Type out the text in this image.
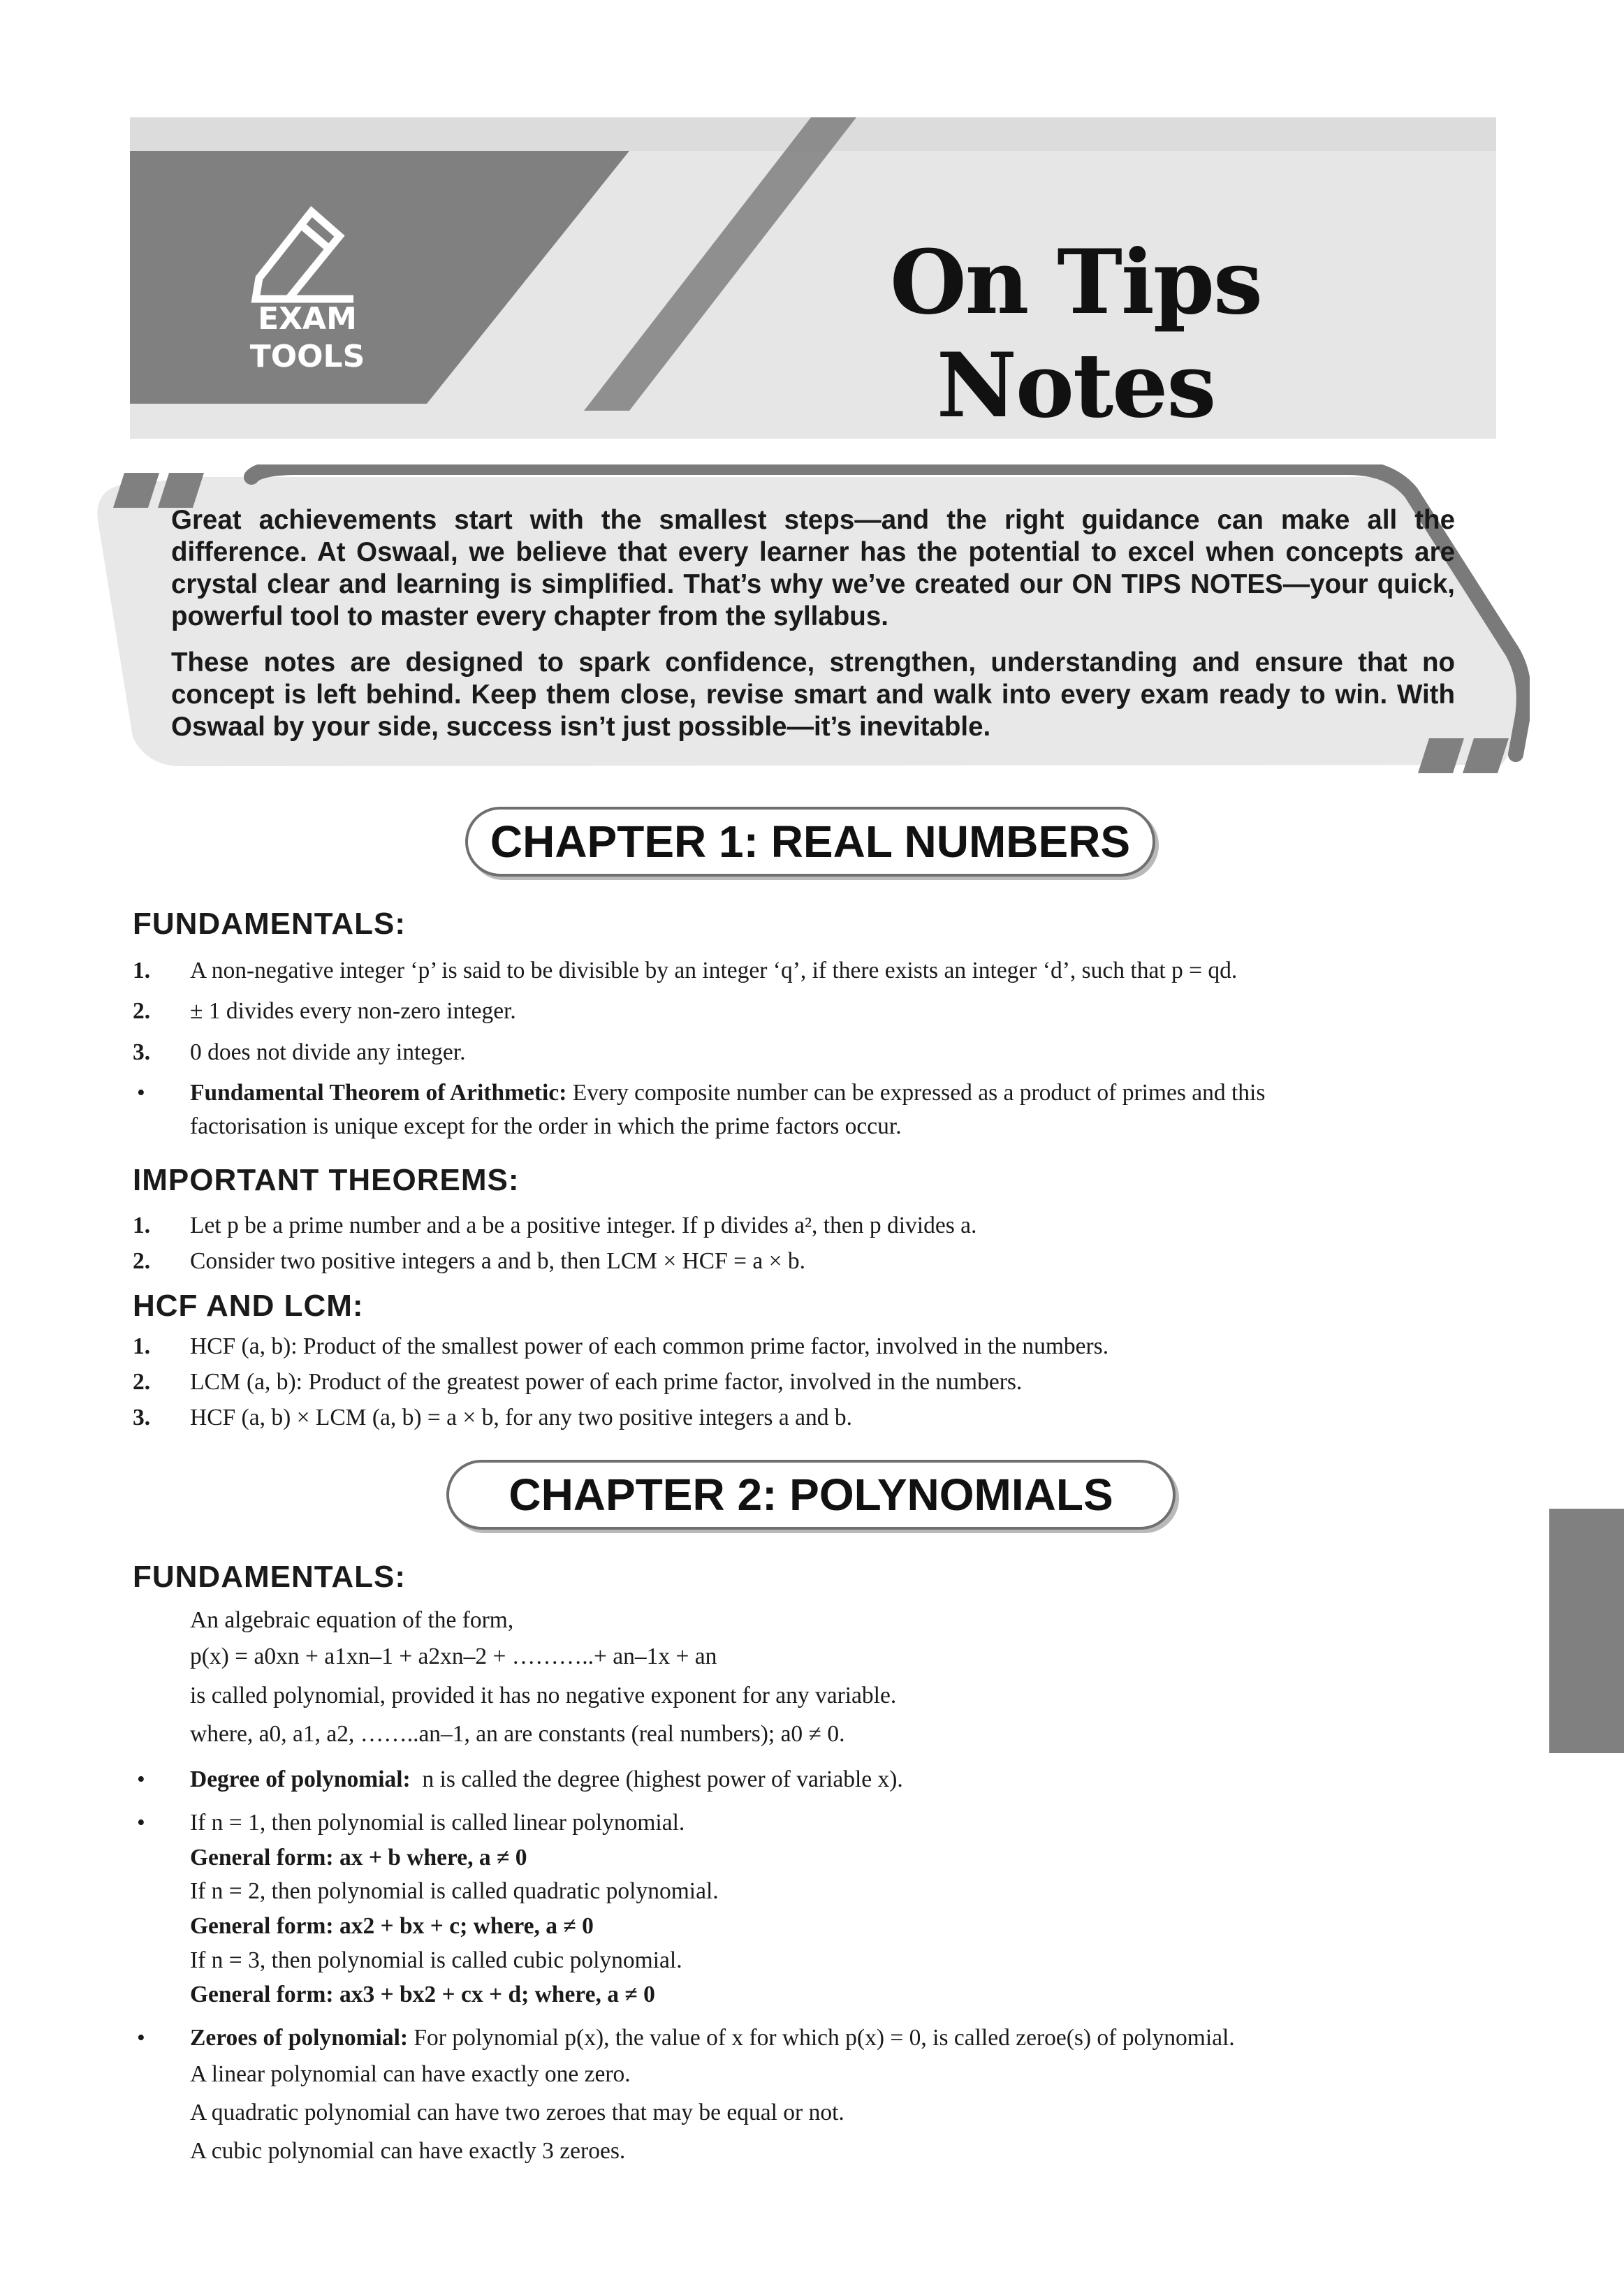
EXAM
TOOLS
On Tips Notes

Great achievements start with the smallest steps—and the right guidance can make all the difference. At Oswaal, we believe that every learner has the potential to excel when concepts are crystal clear and learning is simplified. That’s why we’ve created our ON TIPS NOTES—your quick, powerful tool to master every chapter from the syllabus.

These notes are designed to spark confidence, strengthen, understanding and ensure that no concept is left behind. Keep them close, revise smart and walk into every exam ready to win. With Oswaal by your side, success isn’t just possible—it’s inevitable.

CHAPTER 1: REAL NUMBERS
FUNDAMENTALS:
1. A non-negative integer ‘p’ is said to be divisible by an integer ‘q’, if there exists an integer ‘d’, such that p = qd.
2. ± 1 divides every non-zero integer.
3. 0 does not divide any integer.
• Fundamental Theorem of Arithmetic: Every composite number can be expressed as a product of primes and this
factorisation is unique except for the order in which the prime factors occur.
IMPORTANT THEOREMS:
1. Let p be a prime number and a be a positive integer. If p divides a², then p divides a.
2. Consider two positive integers a and b, then LCM × HCF = a × b.
HCF AND LCM:
1. HCF (a, b): Product of the smallest power of each common prime factor, involved in the numbers.
2. LCM (a, b): Product of the greatest power of each prime factor, involved in the numbers.
3. HCF (a, b) × LCM (a, b) = a × b, for any two positive integers a and b.
CHAPTER 2: POLYNOMIALS
FUNDAMENTALS:
An algebraic equation of the form,
p(x) = a0xn + a1xn–1 + a2xn–2 + ………..+ an–1x + an
is called polynomial, provided it has no negative exponent for any variable.
where, a0, a1, a2, ……..an–1, an are constants (real numbers); a0 ≠ 0.
• Degree of polynomial: n is called the degree (highest power of variable x).
• If n = 1, then polynomial is called linear polynomial.
General form: ax + b where, a ≠ 0
If n = 2, then polynomial is called quadratic polynomial.
General form: ax2 + bx + c; where, a ≠ 0
If n = 3, then polynomial is called cubic polynomial.
General form: ax3 + bx2 + cx + d; where, a ≠ 0
• Zeroes of polynomial: For polynomial p(x), the value of x for which p(x) = 0, is called zeroe(s) of polynomial.
A linear polynomial can have exactly one zero.
A quadratic polynomial can have two zeroes that may be equal or not.
A cubic polynomial can have exactly 3 zeroes.
